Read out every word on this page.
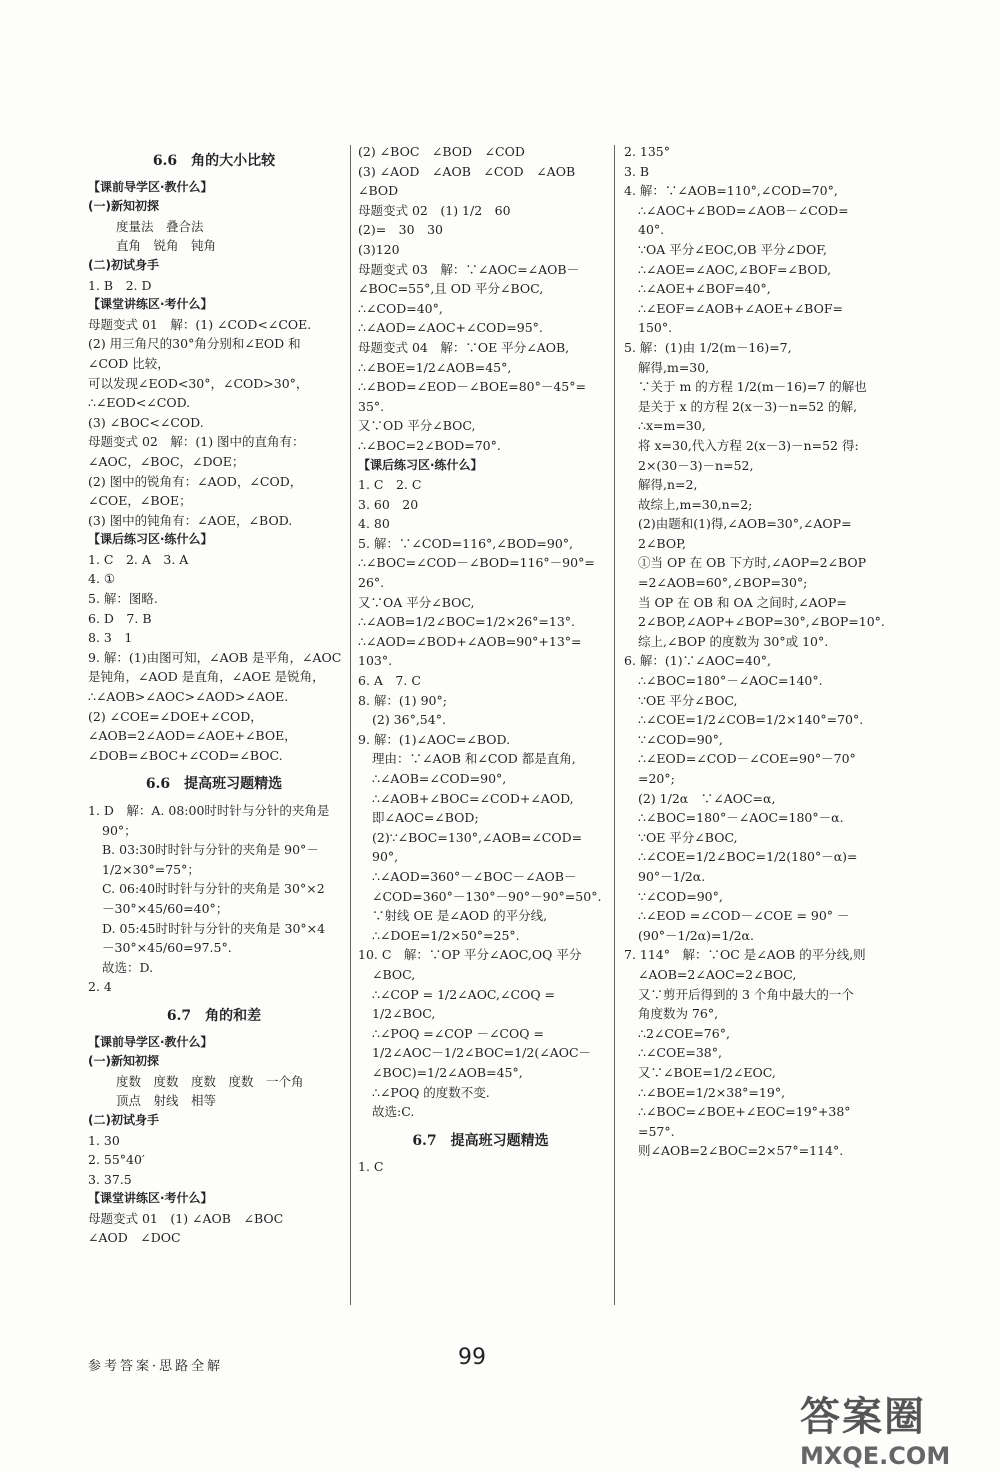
6.6　角的大小比较
【课前导学区·教什么】
(一)新知初探
度量法　叠合法
直角　锐角　钝角
(二)初试身手
1. B　2. D
【课堂讲练区·考什么】
母题变式 01　解：(1) ∠COD<∠COE.
(2) 用三角尺的30°角分别和∠EOD 和
∠COD 比较，
可以发现∠EOD<30°，∠COD>30°，
∴∠EOD<∠COD.
(3) ∠BOC<∠COD.
母题变式 02　解：(1) 图中的直角有：
∠AOC，∠BOC，∠DOE；
(2) 图中的锐角有：∠AOD，∠COD，
∠COE，∠BOE；
(3) 图中的钝角有：∠AOE，∠BOD.
【课后练习区·练什么】
1. C　2. A　3. A
4. ①
5. 解：图略.
6. D　7. B
8. 3　1
9. 解：(1)由图可知，∠AOB 是平角，∠AOC
是钝角，∠AOD 是直角，∠AOE 是锐角，
∴∠AOB>∠AOC>∠AOD>∠AOE.
(2) ∠COE=∠DOE+∠COD，
∠AOB=2∠AOD=∠AOE+∠BOE，
∠DOB=∠BOC+∠COD=∠BOC.
6.6　提高班习题精选
1. D　解：A. 08:00时时针与分针的夹角是
90°；
B. 03:30时时针与分针的夹角是 90°－
1/2×30°=75°；
C. 06:40时时针与分针的夹角是 30°×2
－30°×45/60=40°；
D. 05:45时时针与分针的夹角是 30°×4
－30°×45/60=97.5°.
故选：D.
2. 4
6.7　角的和差
【课前导学区·教什么】
(一)新知初探
度数　度数　度数　度数　一个角
顶点　射线　相等
(二)初试身手
1. 30
2. 55°40′
3. 37.5
【课堂讲练区·考什么】
母题变式 01　(1) ∠AOB　∠BOC
∠AOD　∠DOC
(2) ∠BOC　∠BOD　∠COD
(3) ∠AOD　∠AOB　∠COD　∠AOB
∠BOD
母题变式 02　(1) 1/2　60
(2)=　30　30
(3)120
母题变式 03　解：∵∠AOC=∠AOB－
∠BOC=55°,且 OD 平分∠BOC,
∴∠COD=40°,
∴∠AOD=∠AOC+∠COD=95°.
母题变式 04　解：∵OE 平分∠AOB,
∴∠BOE=1/2∠AOB=45°,
∴∠BOD=∠EOD－∠BOE=80°－45°=
35°.
又∵OD 平分∠BOC,
∴∠BOC=2∠BOD=70°.
【课后练习区·练什么】
1. C　2. C
3. 60　20
4. 80
5. 解：∵∠COD=116°,∠BOD=90°,
∴∠BOC=∠COD－∠BOD=116°－90°=
26°.
又∵OA 平分∠BOC,
∴∠AOB=1/2∠BOC=1/2×26°=13°.
∴∠AOD=∠BOD+∠AOB=90°+13°=
103°.
6. A　7. C
8. 解：(1) 90°;
(2) 36°,54°.
9. 解：(1)∠AOC=∠BOD.
理由：∵∠AOB 和∠COD 都是直角,
∴∠AOB=∠COD=90°,
∴∠AOB+∠BOC=∠COD+∠AOD,
即∠AOC=∠BOD;
(2)∵∠BOC=130°,∠AOB=∠COD=
90°,
∴∠AOD=360°－∠BOC－∠AOB－
∠COD=360°－130°－90°－90°=50°.
∵射线 OE 是∠AOD 的平分线,
∴∠DOE=1/2×50°=25°.
10. C　解：∵OP 平分∠AOC,OQ 平分
∠BOC,
∴∠COP = 1/2∠AOC,∠COQ =
1/2∠BOC,
∴∠POQ =∠COP －∠COQ =
1/2∠AOC－1/2∠BOC=1/2(∠AOC－
∠BOC)=1/2∠AOB=45°,
∴∠POQ 的度数不变.
故选:C.
6.7　提高班习题精选
1. C
2. 135°
3. B
4. 解：∵∠AOB=110°,∠COD=70°,
∴∠AOC+∠BOD=∠AOB－∠COD=
40°.
∵OA 平分∠EOC,OB 平分∠DOF,
∴∠AOE=∠AOC,∠BOF=∠BOD,
∴∠AOE+∠BOF=40°,
∴∠EOF=∠AOB+∠AOE+∠BOF=
150°.
5. 解：(1)由 1/2(m－16)=7,
解得,m=30,
∵关于 m 的方程 1/2(m－16)=7 的解也
是关于 x 的方程 2(x－3)－n=52 的解,
∴x=m=30,
将 x=30,代入方程 2(x－3)－n=52 得:
2×(30－3)－n=52,
解得,n=2,
故综上,m=30,n=2;
(2)由题和(1)得,∠AOB=30°,∠AOP=
2∠BOP,
①当 OP 在 OB 下方时,∠AOP=2∠BOP
=2∠AOB=60°,∠BOP=30°;
当 OP 在 OB 和 OA 之间时,∠AOP=
2∠BOP,∠AOP+∠BOP=30°,∠BOP=10°.
综上,∠BOP 的度数为 30°或 10°.
6. 解：(1)∵∠AOC=40°,
∴∠BOC=180°－∠AOC=140°.
∵OE 平分∠BOC,
∴∠COE=1/2∠COB=1/2×140°=70°.
∵∠COD=90°,
∴∠EOD=∠COD－∠COE=90°－70°
=20°;
(2) 1/2α　∵∠AOC=α,
∴∠BOC=180°－∠AOC=180°－α.
∵OE 平分∠BOC,
∴∠COE=1/2∠BOC=1/2(180°－α)=
90°－1/2α.
∵∠COD=90°,
∴∠EOD =∠COD－∠COE = 90° －
(90°－1/2α)=1/2α.
7. 114°　解：∵OC 是∠AOB 的平分线,则
∠AOB=2∠AOC=2∠BOC,
又∵剪开后得到的 3 个角中最大的一个
角度数为 76°,
∴2∠COE=76°,
∴∠COE=38°,
又∵∠BOE=1/2∠EOC,
∴∠BOE=1/2×38°=19°,
∴∠BOC=∠BOE+∠EOC=19°+38°
=57°.
则∠AOB=2∠BOC=2×57°=114°.
参考答案·思路全解	99
答案圈
MXQE.COM
